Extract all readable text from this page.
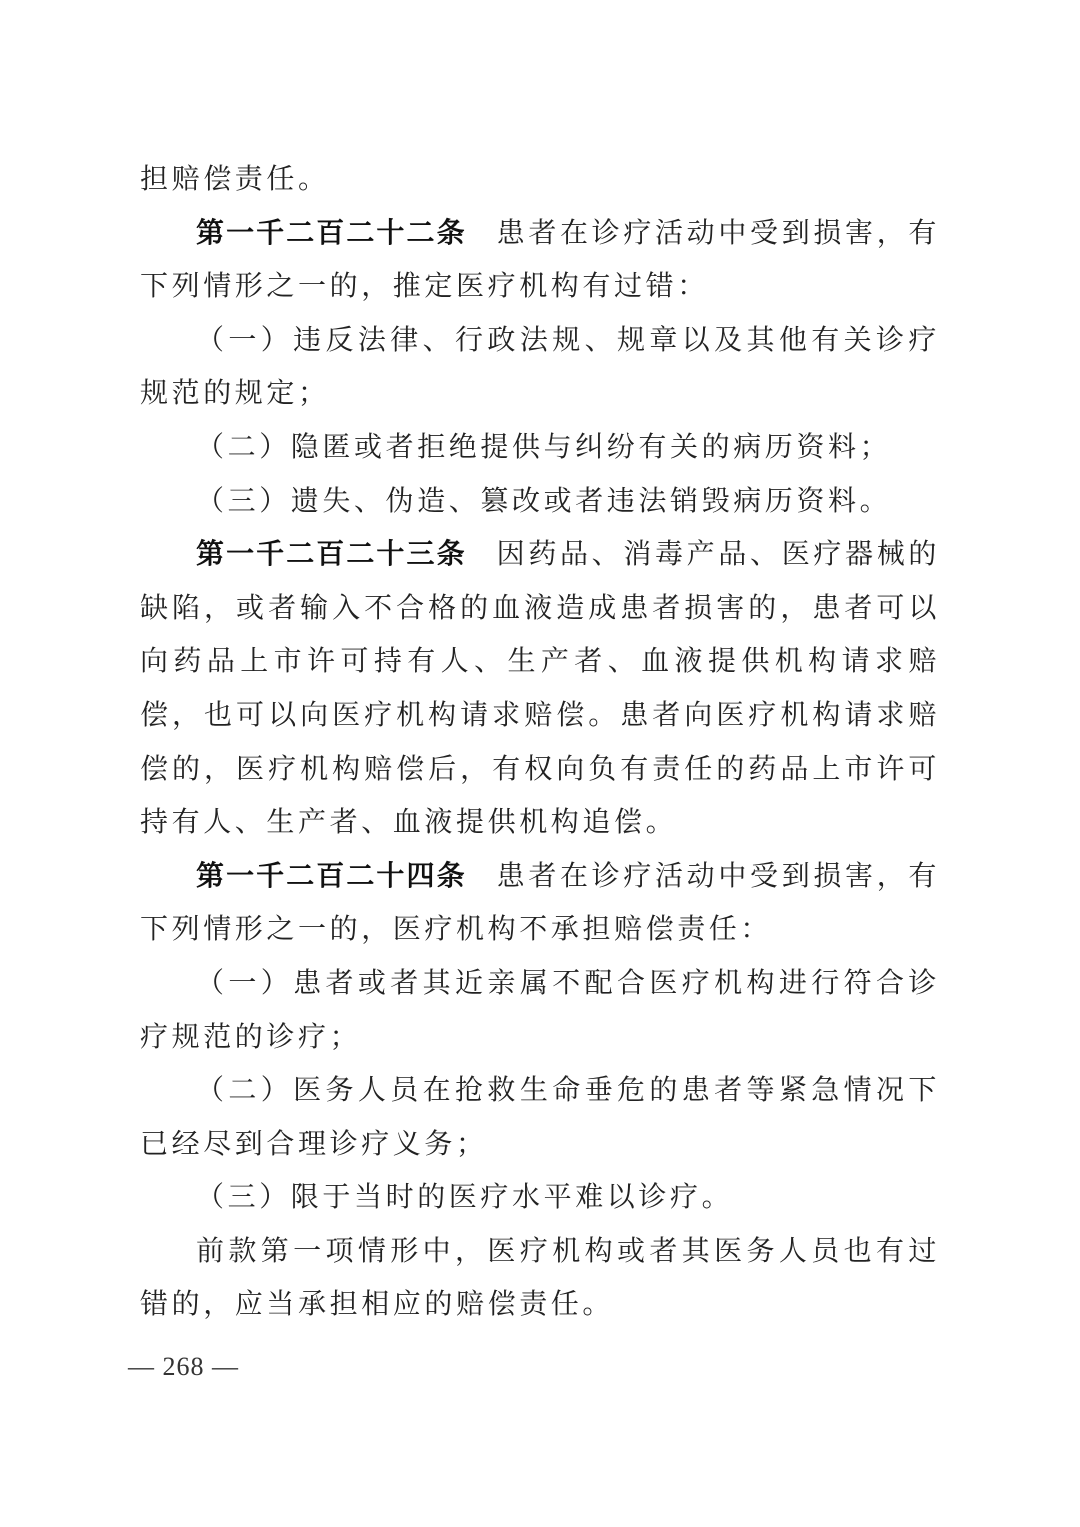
担赔偿责任。

第一千二百二十二条 患者在诊疗活动中受到损害，有下列情形之一的，推定医疗机构有过错：

（一）违反法律、行政法规、规章以及其他有关诊疗规范的规定；

（二）隐匿或者拒绝提供与纠纷有关的病历资料；

（三）遗失、伪造、篡改或者违法销毁病历资料。

第一千二百二十三条 因药品、消毒产品、医疗器械的缺陷，或者输入不合格的血液造成患者损害的，患者可以向药品上市许可持有人、生产者、血液提供机构请求赔偿，也可以向医疗机构请求赔偿。患者向医疗机构请求赔偿的，医疗机构赔偿后，有权向负有责任的药品上市许可持有人、生产者、血液提供机构追偿。

第一千二百二十四条 患者在诊疗活动中受到损害，有下列情形之一的，医疗机构不承担赔偿责任：

（一）患者或者其近亲属不配合医疗机构进行符合诊疗规范的诊疗；

（二）医务人员在抢救生命垂危的患者等紧急情况下已经尽到合理诊疗义务；

（三）限于当时的医疗水平难以诊疗。

前款第一项情形中，医疗机构或者其医务人员也有过错的，应当承担相应的赔偿责任。

— 268 —
